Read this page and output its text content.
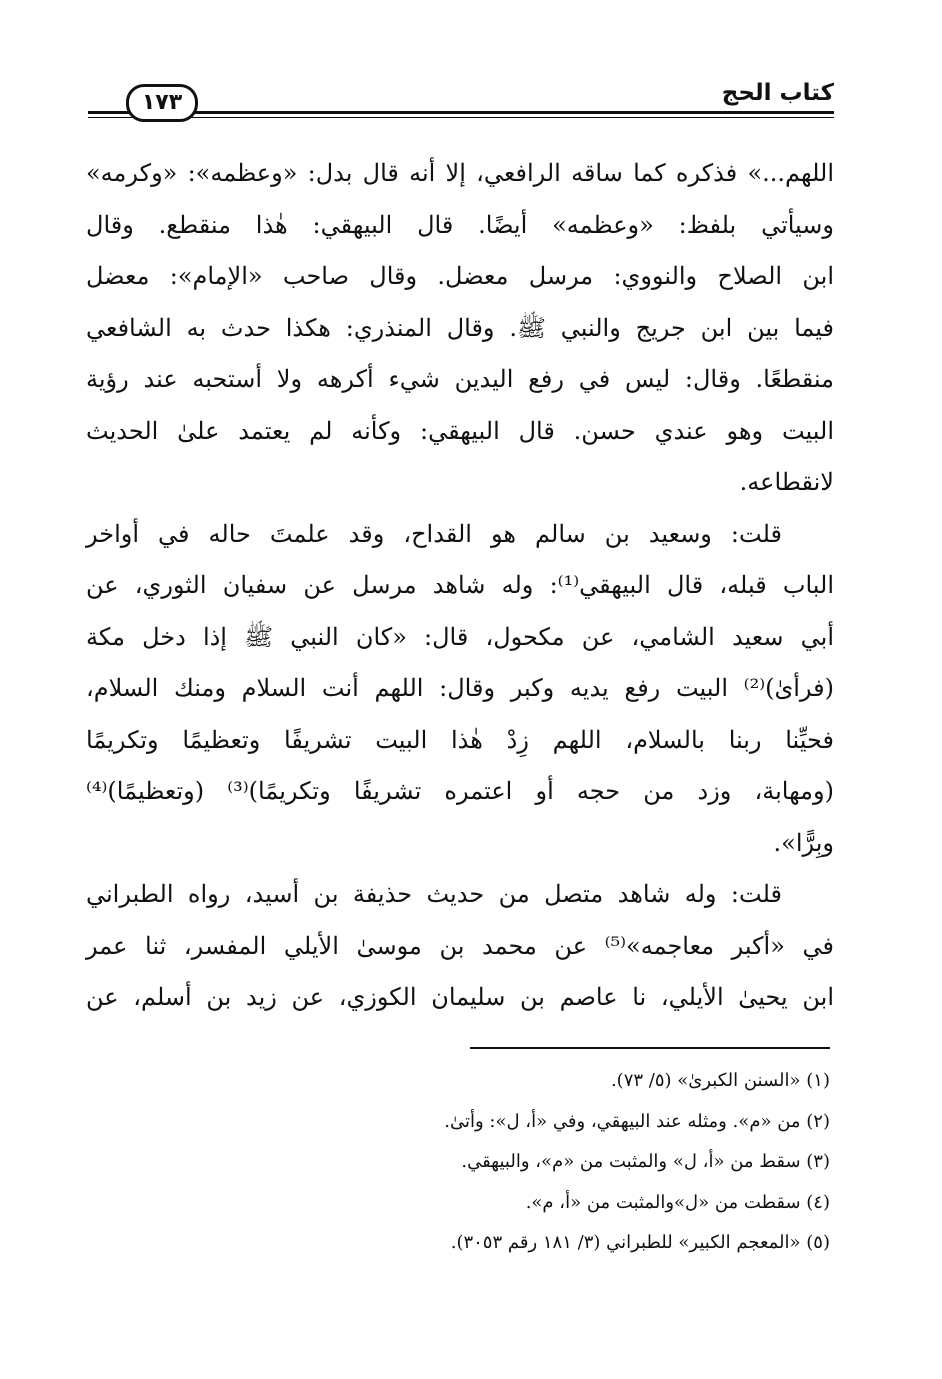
كتاب الحج
١٧٣
اللهم...» فذكره كما ساقه الرافعي، إلا أنه قال بدل: «وعظمه»: «وكرمه»
وسيأتي بلفظ: «وعظمه» أيضًا. قال البيهقي: هٰذا منقطع. وقال
ابن الصلاح والنووي: مرسل معضل. وقال صاحب «الإمام»: معضل
فيما بين ابن جريج والنبي ﷺ. وقال المنذري: هكذا حدث به الشافعي
منقطعًا. وقال: ليس في رفع اليدين شيء أكرهه ولا أستحبه عند رؤية
البيت وهو عندي حسن. قال البيهقي: وكأنه لم يعتمد علىٰ الحديث
لانقطاعه.
قلت: وسعيد بن سالم هو القداح، وقد علمتَ حاله في أواخر
الباب قبله، قال البيهقي⁽¹⁾: وله شاهد مرسل عن سفيان الثوري، عن
أبي سعيد الشامي، عن مكحول، قال: «كان النبي ﷺ إذا دخل مكة
(فرأىٰ)⁽²⁾ البيت رفع يديه وكبر وقال: اللهم أنت السلام ومنك السلام،
فحيِّنا ربنا بالسلام، اللهم زِدْ هٰذا البيت تشريفًا وتعظيمًا وتكريمًا
(ومهابة، وزد من حجه أو اعتمره تشريفًا وتكريمًا)⁽³⁾ (وتعظيمًا)⁽⁴⁾
وبِرًّا».
قلت: وله شاهد متصل من حديث حذيفة بن أسيد، رواه الطبراني
في «أكبر معاجمه»⁽⁵⁾ عن محمد بن موسىٰ الأيلي المفسر، ثنا عمر
ابن يحيىٰ الأيلي، نا عاصم بن سليمان الكوزي، عن زيد بن أسلم، عن
(١) «السنن الكبرىٰ» (٥/ ٧٣).
(٢) من «م». ومثله عند البيهقي، وفي «أ، ل»: وأتىٰ.
(٣) سقط من «أ، ل» والمثبت من «م»، والبيهقي.
(٤) سقطت من «ل»والمثبت من «أ، م».
(٥) «المعجم الكبير» للطبراني (٣/ ١٨١ رقم ٣٠٥٣).
